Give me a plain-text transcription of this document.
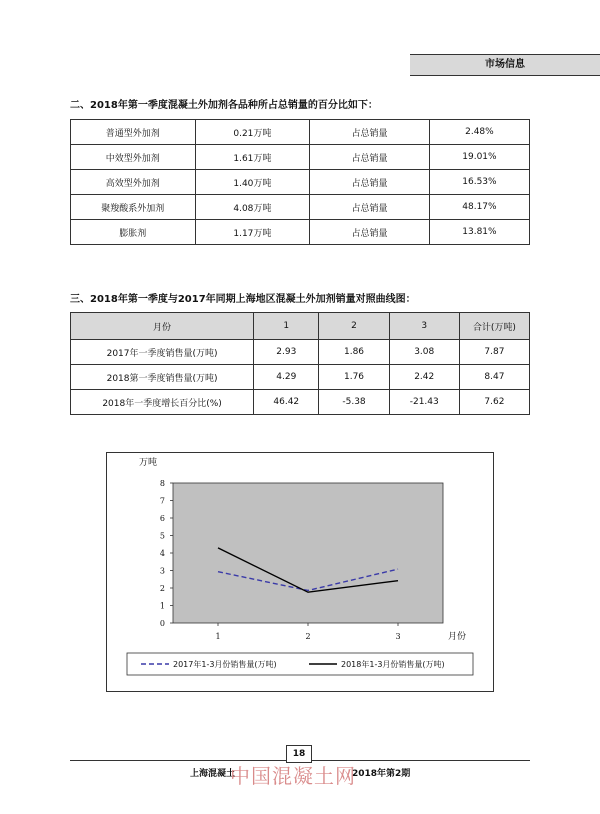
市场信息
二、2018年第一季度混凝土外加剂各品种所占总销量的百分比如下：
普通型外加剂	0.21万吨	占总销量	2.48%
中效型外加剂	1.61万吨	占总销量	19.01%
高效型外加剂	1.40万吨	占总销量	16.53%
聚羧酸系外加剂	4.08万吨	占总销量	48.17%
膨胀剂	1.17万吨	占总销量	13.81%
三、2018年第一季度与2017年同期上海地区混凝土外加剂销量对照曲线图：
月份	1	2	3	合计(万吨)
2017年一季度销售量(万吨)	2.93	1.86	3.08	7.87
2018第一季度销售量(万吨)	4.29	1.76	2.42	8.47
2018年一季度增长百分比(%)	46.42	-5.38	-21.43	7.62
0
1
2
3
4
5
6
7
8
万吨
1	2	3	月份
2017年1-3月份销售量(万吨)	2018年1-3月份销售量(万吨)
18
上海混凝土	2018年第2期
中国混凝土网
